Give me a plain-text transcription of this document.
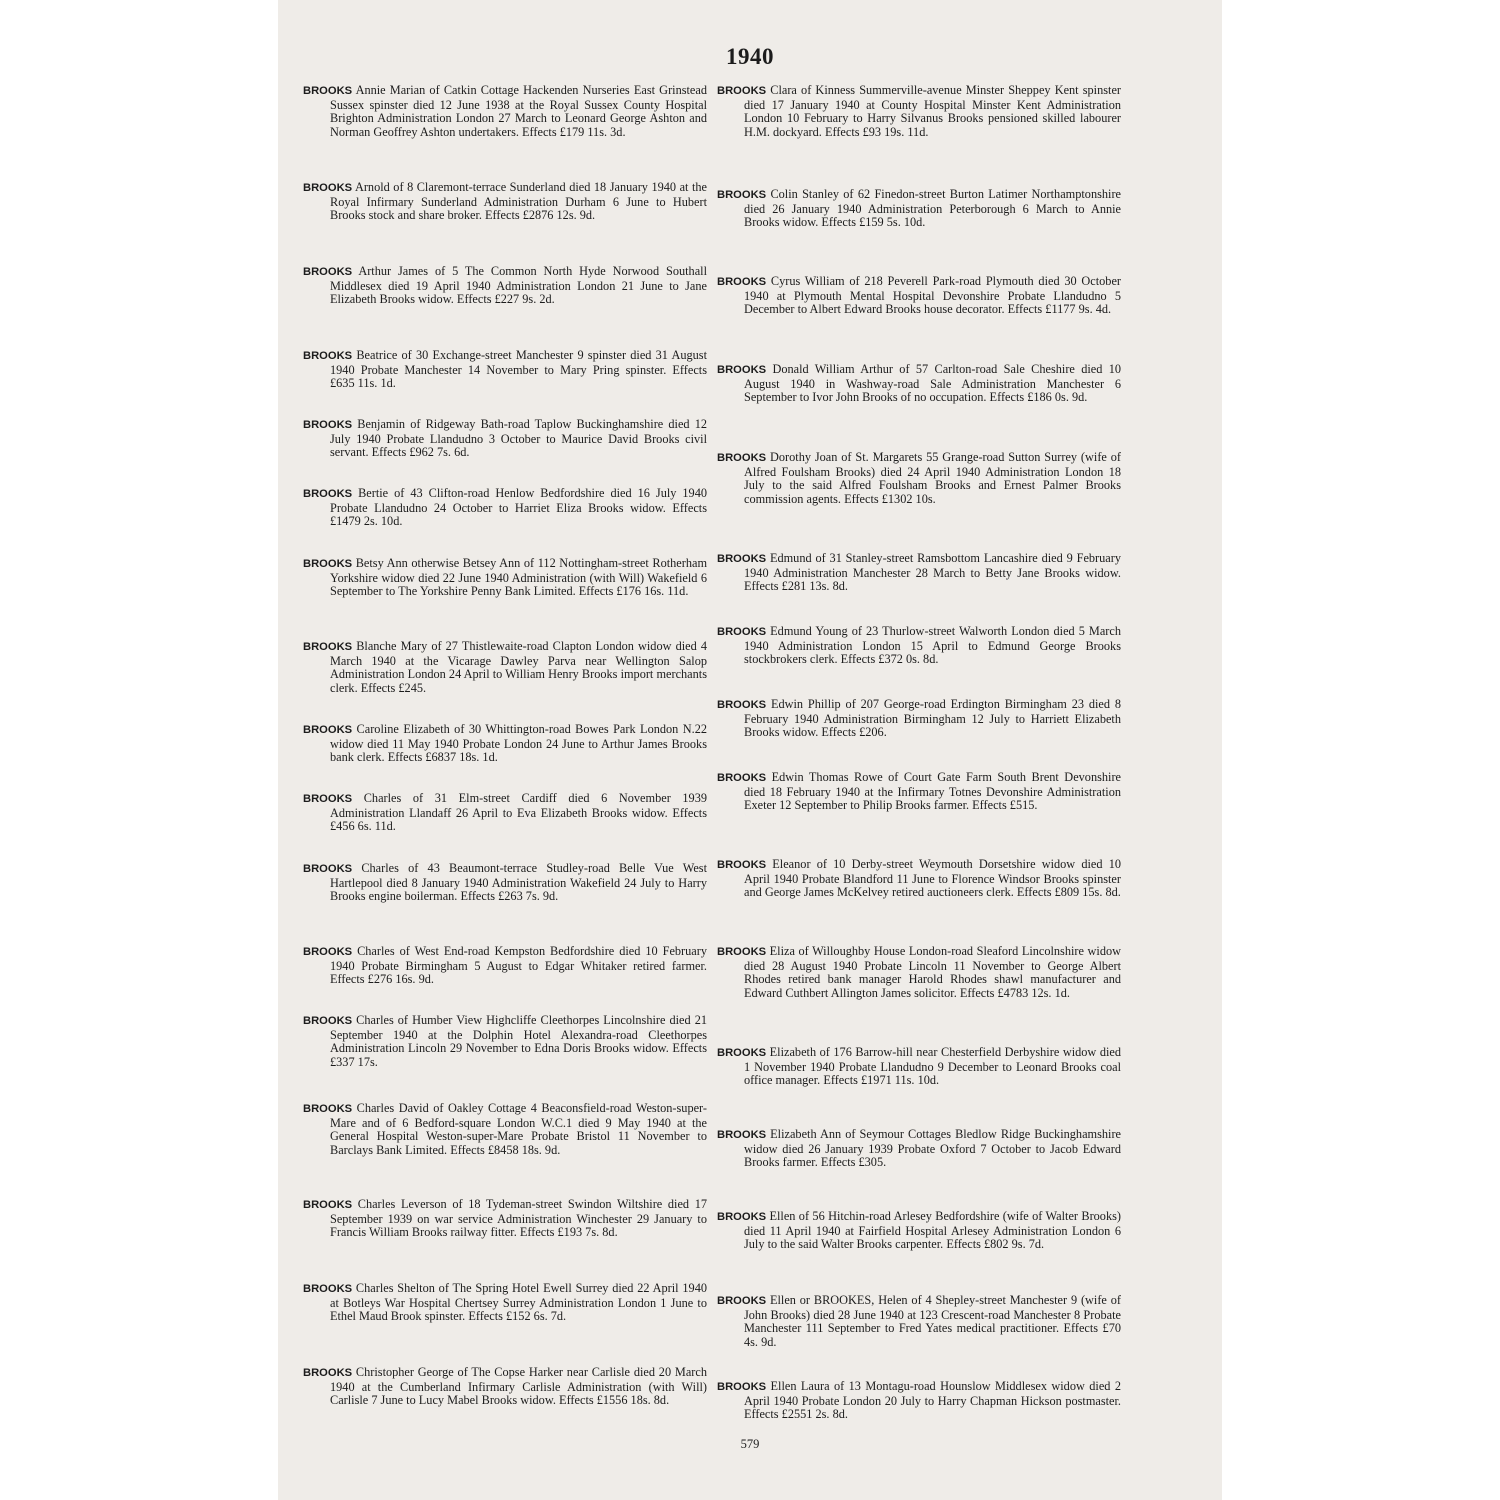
1940
BROOKS Annie Marian of Catkin Cottage Hackenden Nurseries East Grinstead Sussex spinster died 12 June 1938 at the Royal Sussex County Hospital Brighton Administration London 27 March to Leonard George Ashton and Norman Geoffrey Ashton undertakers. Effects £179 11s. 3d.
BROOKS Arnold of 8 Claremont-terrace Sunderland died 18 January 1940 at the Royal Infirmary Sunderland Administration Durham 6 June to Hubert Brooks stock and share broker. Effects £2876 12s. 9d.
BROOKS Arthur James of 5 The Common North Hyde Norwood Southall Middlesex died 19 April 1940 Administration London 21 June to Jane Elizabeth Brooks widow. Effects £227 9s. 2d.
BROOKS Beatrice of 30 Exchange-street Manchester 9 spinster died 31 August 1940 Probate Manchester 14 November to Mary Pring spinster. Effects £635 11s. 1d.
BROOKS Benjamin of Ridgeway Bath-road Taplow Buckinghamshire died 12 July 1940 Probate Llandudno 3 October to Maurice David Brooks civil servant. Effects £962 7s. 6d.
BROOKS Bertie of 43 Clifton-road Henlow Bedfordshire died 16 July 1940 Probate Llandudno 24 October to Harriet Eliza Brooks widow. Effects £1479 2s. 10d.
BROOKS Betsy Ann otherwise Betsey Ann of 112 Nottingham-street Rotherham Yorkshire widow died 22 June 1940 Administration (with Will) Wakefield 6 September to The Yorkshire Penny Bank Limited. Effects £176 16s. 11d.
BROOKS Blanche Mary of 27 Thistlewaite-road Clapton London widow died 4 March 1940 at the Vicarage Dawley Parva near Wellington Salop Administration London 24 April to William Henry Brooks import merchants clerk. Effects £245.
BROOKS Caroline Elizabeth of 30 Whittington-road Bowes Park London N.22 widow died 11 May 1940 Probate London 24 June to Arthur James Brooks bank clerk. Effects £6837 18s. 1d.
BROOKS Charles of 31 Elm-street Cardiff died 6 November 1939 Administration Llandaff 26 April to Eva Elizabeth Brooks widow. Effects £456 6s. 11d.
BROOKS Charles of 43 Beaumont-terrace Studley-road Belle Vue West Hartlepool died 8 January 1940 Administration Wakefield 24 July to Harry Brooks engine boilerman. Effects £263 7s. 9d.
BROOKS Charles of West End-road Kempston Bedfordshire died 10 February 1940 Probate Birmingham 5 August to Edgar Whitaker retired farmer. Effects £276 16s. 9d.
BROOKS Charles of Humber View Highcliffe Cleethorpes Lincolnshire died 21 September 1940 at the Dolphin Hotel Alexandra-road Cleethorpes Administration Lincoln 29 November to Edna Doris Brooks widow. Effects £337 17s.
BROOKS Charles David of Oakley Cottage 4 Beaconsfield-road Weston-super-Mare and of 6 Bedford-square London W.C.1 died 9 May 1940 at the General Hospital Weston-super-Mare Probate Bristol 11 November to Barclays Bank Limited. Effects £8458 18s. 9d.
BROOKS Charles Leverson of 18 Tydeman-street Swindon Wiltshire died 17 September 1939 on war service Administration Winchester 29 January to Francis William Brooks railway fitter. Effects £193 7s. 8d.
BROOKS Charles Shelton of The Spring Hotel Ewell Surrey died 22 April 1940 at Botleys War Hospital Chertsey Surrey Administration London 1 June to Ethel Maud Brook spinster. Effects £152 6s. 7d.
BROOKS Christopher George of The Copse Harker near Carlisle died 20 March 1940 at the Cumberland Infirmary Carlisle Administration (with Will) Carlisle 7 June to Lucy Mabel Brooks widow. Effects £1556 18s. 8d.
BROOKS Clara of Kinness Summerville-avenue Minster Sheppey Kent spinster died 17 January 1940 at County Hospital Minster Kent Administration London 10 February to Harry Silvanus Brooks pensioned skilled labourer H.M. dockyard. Effects £93 19s. 11d.
BROOKS Colin Stanley of 62 Finedon-street Burton Latimer Northamptonshire died 26 January 1940 Administration Peterborough 6 March to Annie Brooks widow. Effects £159 5s. 10d.
BROOKS Cyrus William of 218 Peverell Park-road Plymouth died 30 October 1940 at Plymouth Mental Hospital Devonshire Probate Llandudno 5 December to Albert Edward Brooks house decorator. Effects £1177 9s. 4d.
BROOKS Donald William Arthur of 57 Carlton-road Sale Cheshire died 10 August 1940 in Washway-road Sale Administration Manchester 6 September to Ivor John Brooks of no occupation. Effects £186 0s. 9d.
BROOKS Dorothy Joan of St. Margarets 55 Grange-road Sutton Surrey (wife of Alfred Foulsham Brooks) died 24 April 1940 Administration London 18 July to the said Alfred Foulsham Brooks and Ernest Palmer Brooks commission agents. Effects £1302 10s.
BROOKS Edmund of 31 Stanley-street Ramsbottom Lancashire died 9 February 1940 Administration Manchester 28 March to Betty Jane Brooks widow. Effects £281 13s. 8d.
BROOKS Edmund Young of 23 Thurlow-street Walworth London died 5 March 1940 Administration London 15 April to Edmund George Brooks stockbrokers clerk. Effects £372 0s. 8d.
BROOKS Edwin Phillip of 207 George-road Erdington Birmingham 23 died 8 February 1940 Administration Birmingham 12 July to Harriett Elizabeth Brooks widow. Effects £206.
BROOKS Edwin Thomas Rowe of Court Gate Farm South Brent Devonshire died 18 February 1940 at the Infirmary Totnes Devonshire Administration Exeter 12 September to Philip Brooks farmer. Effects £515.
BROOKS Eleanor of 10 Derby-street Weymouth Dorsetshire widow died 10 April 1940 Probate Blandford 11 June to Florence Windsor Brooks spinster and George James McKelvey retired auctioneers clerk. Effects £809 15s. 8d.
BROOKS Eliza of Willoughby House London-road Sleaford Lincolnshire widow died 28 August 1940 Probate Lincoln 11 November to George Albert Rhodes retired bank manager Harold Rhodes shawl manufacturer and Edward Cuthbert Allington James solicitor. Effects £4783 12s. 1d.
BROOKS Elizabeth of 176 Barrow-hill near Chesterfield Derbyshire widow died 1 November 1940 Probate Llandudno 9 December to Leonard Brooks coal office manager. Effects £1971 11s. 10d.
BROOKS Elizabeth Ann of Seymour Cottages Bledlow Ridge Buckinghamshire widow died 26 January 1939 Probate Oxford 7 October to Jacob Edward Brooks farmer. Effects £305.
BROOKS Ellen of 56 Hitchin-road Arlesey Bedfordshire (wife of Walter Brooks) died 11 April 1940 at Fairfield Hospital Arlesey Administration London 6 July to the said Walter Brooks carpenter. Effects £802 9s. 7d.
BROOKS Ellen or BROOKES, Helen of 4 Shepley-street Manchester 9 (wife of John Brooks) died 28 June 1940 at 123 Crescent-road Manchester 8 Probate Manchester 111 September to Fred Yates medical practitioner. Effects £70 4s. 9d.
BROOKS Ellen Laura of 13 Montagu-road Hounslow Middlesex widow died 2 April 1940 Probate London 20 July to Harry Chapman Hickson postmaster. Effects £2551 2s. 8d.
579
